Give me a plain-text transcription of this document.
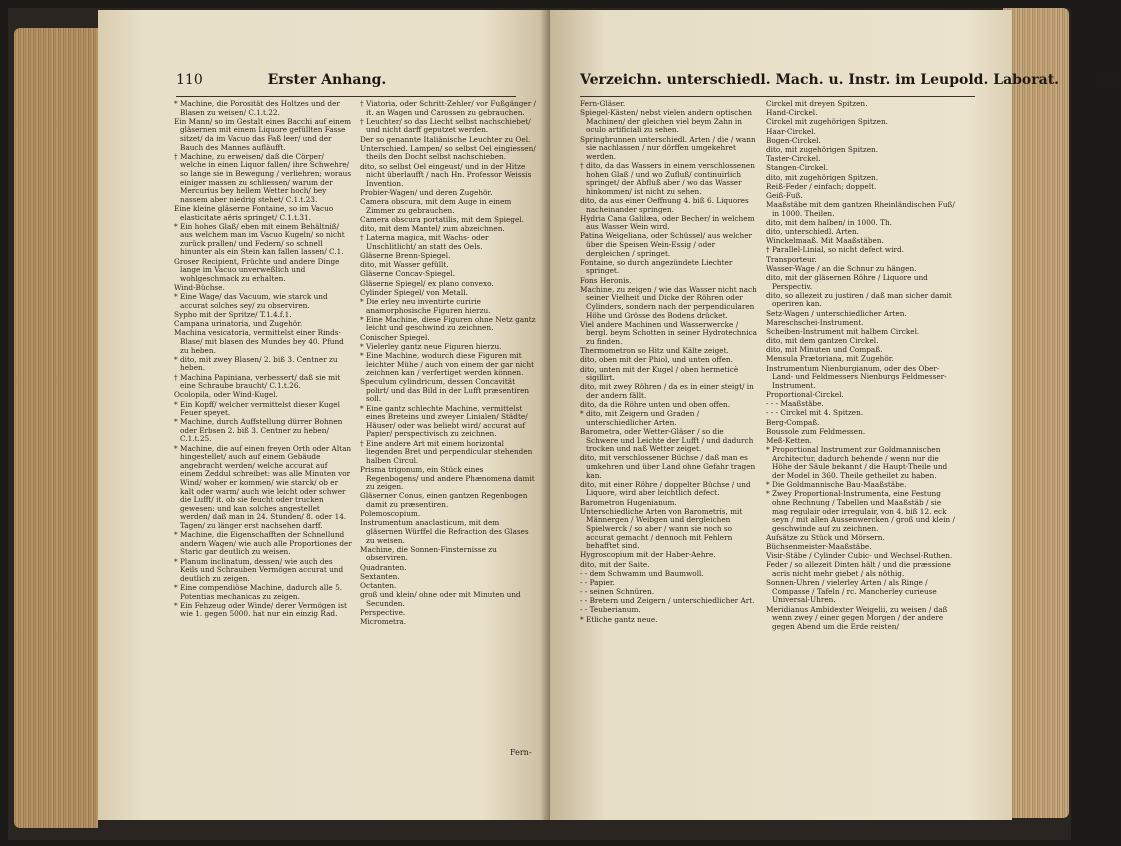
110	Erster Anhang.
* Machine, die Porosität des Holtzes und der Blasen zu weisen/ C.1.t.22.
Ein Mann/ so im Gestalt eines Bacchi auf einem gläsernen mit einem Liquore gefüllten Fasse sitzet/ da im Vacuo das Faß leer/ und der Bauch des Mannes aufläufft.
† Machine, zu erweisen/ daß die Cörper/ welche in einen Liquor fallen/ ihre Schwehre/ so lange sie in Bewegung / verliehren; woraus einiger massen zu schliessen/ warum der Mercurius bey hellem Wetter hoch/ bey nassem aber niedrig stehet/ C.1.t.23.
Eine kleine gläserne Fontaine, so im Vacuo elasticitate aëris springet/ C.1.t.31.
* Ein hohes Glaß/ eben mit einem Behältniß/ aus welchem man im Vacuo Kugeln/ so nicht zurück prallen/ und Federn/ so schnell hinunter als ein Stein kan fallen lassen/ C.1.
Groser Recipient, Früchte und andere Dinge lange im Vacuo unverweßlich und wohlgeschmack zu erhalten.
Wind-Büchse.
* Eine Wage/ das Vacuum, wie starck und accurat solches sey/ zu observiren.
Sypho mit der Spritze/ T.1.4.f.1.
Campana urinatoria, und Zugehör.
Machina vesicatoria, vermittelst einer Rinds-Blase/ mit blasen des Mundes bey 40. Pfund zu heben.
* dito, mit zwey Blasen/ 2. biß 3. Centner zu heben.
† Machina Papiniana, verbessert/ daß sie mit eine Schraube braucht/ C.1.t.26.
Ocolopila, oder Wind-Kugel.
* Ein Kopff/ welcher vermittelst dieser Kugel Feuer speyet.
* Machine, durch Auffstellung dürrer Bohnen oder Erbsen 2. biß 3. Centner zu heben/ C.1.t.25.
* Machine, die auf einen freyen Orth oder Altan hingestellet/ auch auf einem Gebäude angebracht werden/ welche accurat auf einem Zeddul schreibet: was alle Minuten vor Wind/ woher er kommen/ wie starck/ ob er kalt oder warm/ auch wie leicht oder schwer die Lufft/ it. ob sie feucht oder trucken gewesen: und kan solches angestellet werden/ daß man in 24. Stunden/ 8. oder 14. Tagen/ zu länger erst nachsehen darff.
* Machine, die Eigenschafften der Schnellund andern Wagen/ wie auch alle Proportiones der Staric gar deutlich zu weisen.
* Planum inclinatum, dessen/ wie auch des Keils und Schrauben Vermögen accurat und deutlich zu zeigen.
* Eine compendiöse Machine, dadurch alle 5. Potentias mechanicas zu zeigen.
* Ein Fehzeug oder Winde/ derer Vermögen ist wie 1. gegen 5000. hat nur ein einzig Rad.
† Viatoria, oder Schritt-Zehler/ vor Fußgänger / it. an Wagen und Carossen zu gebrauchen.
† Leuchter/ so das Liecht selbst nachschiebet/ und nicht darff geputzet werden.
Der so genannte Italiänische Leuchter zu Oel.
Unterschied. Lampen/ so selbst Oel eingiessen/ theils den Docht selbst nachschieben.
dito, so selbst Oel eingeust/ und in der Hitze nicht überlaufft / nach Hn. Professor Weissis Invention.
Probier-Wagen/ und deren Zugehör.
Camera obscura, mit dem Auge in einem Zimmer zu gebrauchen.
Camera obscura portatilis, mit dem Spiegel.
dito, mit dem Mantel/ zum abzeichnen.
† Laterna magica, mit Wachs- oder Unschlitlicht/ an statt des Oels.
Gläserne Brenn-Spiegel.
dito, mit Wasser gefüllt.
Gläserne Concav-Spiegel.
Gläserne Spiegel/ ex plano convexo.
Cylinder Spiegel/ von Metall.
* Die erley neu inventirte curirie anamorphosische Figuren hierzu.
* Eine Machine, diese Figuren ohne Netz gantz leicht und geschwind zu zeichnen.
Conischer Spiegel.
* Vielerley gantz neue Figuren hierzu.
* Eine Machine, wodurch diese Figuren mit leichter Mühe / auch von einem der gar nicht zeichnen kan / verfertiget werden können.
Speculum cylindricum, dessen Concavität polirt/ und das Bild in der Lufft præsentiren soll.
* Eine gantz schlechte Machine, vermittelst eines Breteins und zweyer Linialen/ Städte/ Häuser/ oder was beliebt wird/ accurat auf Papier/ perspectivisch zu zeichnen.
† Eine andere Art mit einem horizontal liegenden Bret und perpendicular stehenden halben Circul.
Prisma trigonum, ein Stück eines Regenbogens/ und andere Phænomena damit zu zeigen.
Gläserner Conus, einen gantzen Regenbogen damit zu præsentiren.
Polemoscopium.
Instrumentum anaclasticum, mit dem gläsernen Würffel die Refraction des Glases zu weisen.
Machine, die Sonnen-Finsternisse zu observiren.
Quadranten.
Sextanten.
Octanten.
groß und klein/ ohne oder mit Minuten und Secunden.
Perspective.
Micrometra.
Fern-
Verzeichn. unterschiedl. Mach. u. Instr. im Leupold. Laborat. 111
Fern-Gläser.
Spiegel-Kästen/ nebst vielen andern optischen Machinen/ der gleichen viel beym Zahn in oculo artificiali zu sehen.
Springbrunnen unterschiedl. Arten / die / wann sie nachlassen / nur dörffen umgekehret werden.
† dito, da das Wassers in einem verschlossenen hohen Glaß / und wo Zufluß/ continuirlich springet/ der Abfluß aber / wo das Wasser hinkommen/ ist nicht zu sehen.
dito, da aus einer Oeffnung 4. biß 6. Liquores nacheinander springen.
Hydria Cana Galilæa, oder Becher/ in welchem aus Wasser Wein wird.
Patina Weigeliana, oder Schüssel/ aus welcher über die Speisen Wein-Essig / oder dergleichen / springet.
Fontaine, so durch angezündete Liechter springet.
Fons Heronis.
Machine, zu zeigen / wie das Wasser nicht nach seiner Vielheit und Dicke der Röhren oder Cylinders, sondern nach der perpendicularen Höhe und Grösse des Bodens drücket.
Viel andere Machinen und Wasserwercke / bergl. beym Schotten in seiner Hydrotechnica zu finden.
Thermometron so Hitz und Kälte zeiget.
dito, oben mit der Phiol, und unten offen.
dito, unten mit der Kugel / oben hermeticè sigillirt.
dito, mit zwey Röhren / da es in einer steigt/ in der andern fällt.
dito, da die Röhre unten und oben offen.
* dito, mit Zeigern und Graden / unterschiedlicher Arten.
Barometra, oder Wetter-Gläser / so die Schwere und Leichte der Lufft / und dadurch trocken und naß Wetter zeiget.
dito, mit verschlossener Büchse / daß man es umkehren und über Land ohne Gefahr tragen kan.
dito, mit einer Röhre / doppelter Büchse / und Liquore, wird aber leichtlich defect.
Barometron Hugenianum.
Unterschiedliche Arten von Barometris, mit Männergen / Weibgen und dergleichen Spielwerck / so aber / wann sie noch so accurat gemacht / dennoch mit Fehlern behafftet sind.
Hygroscopium mit der Haber-Aehre.
dito, mit der Saite.
- - dem Schwamm und Baumwoll.
- - Papier.
- - seinen Schnüren.
- - Bretern und Zeigern / unterschiedlicher Art.
- - Teuberianum.
* Etliche gantz neue.
Circkel mit dreyen Spitzen.
Hand-Circkel.
Circkel mit zugehörigen Spitzen.
Haar-Circkel.
Bogen-Circkel.
dito, mit zugehörigen Spitzen.
Taster-Circkel.
Stangen-Circkel.
dito, mit zugehörigen Spitzen.
Reiß-Feder / einfach; doppelt.
Geiß-Fuß.
Maaßstäbe mit dem gantzen Rheinländischen Fuß/ in 1000. Theilen.
dito, mit dem halben/ in 1000. Th.
dito, unterschiedl. Arten.
Winckelmaaß. Mit Maaßstäben.
† Parallel-Linial, so nicht defect wird.
Transporteur.
Wasser-Wage / an die Schnur zu hängen.
dito, mit der gläsernen Röhre / Liquore und Perspectiv.
dito, so allezeit zu justiren / daß man sicher damit operiren kan.
Setz-Wagen / unterschiedlicher Arten.
Mareschschei-Instrument.
Scheiben-Instrument mit halbem Circkel.
dito, mit dem gantzen Circkel.
dito, mit Minuten und Compaß.
Mensula Prætoriana, mit Zugehör.
Instrumentum Nienburgianum, oder des Ober-Land- und Feldmessers Nienburgs Feldmesser-Instrument.
Proportional-Circkel.
- - - Maaßstäbe.
- - - Circkel mit 4. Spitzen.
Berg-Compaß.
Boussole zum Feldmessen.
Meß-Ketten.
* Proportional Instrument zur Goldmannischen Architectur, dadurch behende / wenn nur die Höhe der Säule bekannt / die Haupt-Theile und der Model in 360. Theile getheilet zu haben.
* Die Goldmannische Bau-Maaßstäbe.
* Zwey Proportional-Instrumenta, eine Festung ohne Rechnung / Tabellen und Maaßstäb / sie mag regulair oder irregulair, von 4. biß 12. eck seyn / mit allen Aussenwercken / groß und klein / geschwinde auf zu zeichnen.
Aufsätze zu Stück und Mörsern.
Büchsenmeister-Maaßstäbe.
Visir-Stäbe / Cylinder Cubic- und Wechsel-Ruthen.
Feder / so allezeit Dinten hält / und die præssione acris nicht mehr giebet / als nöthig.
Sonnen-Uhren / vielerley Arten / als Ringe / Compasse / Tafeln / rc. Mancherley curieuse Universal-Uhren.
Meridianus Ambidexter Weigelii, zu weisen / daß wenn zwey / einer gegen Morgen / der andere gegen Abend um die Erde reisten/
